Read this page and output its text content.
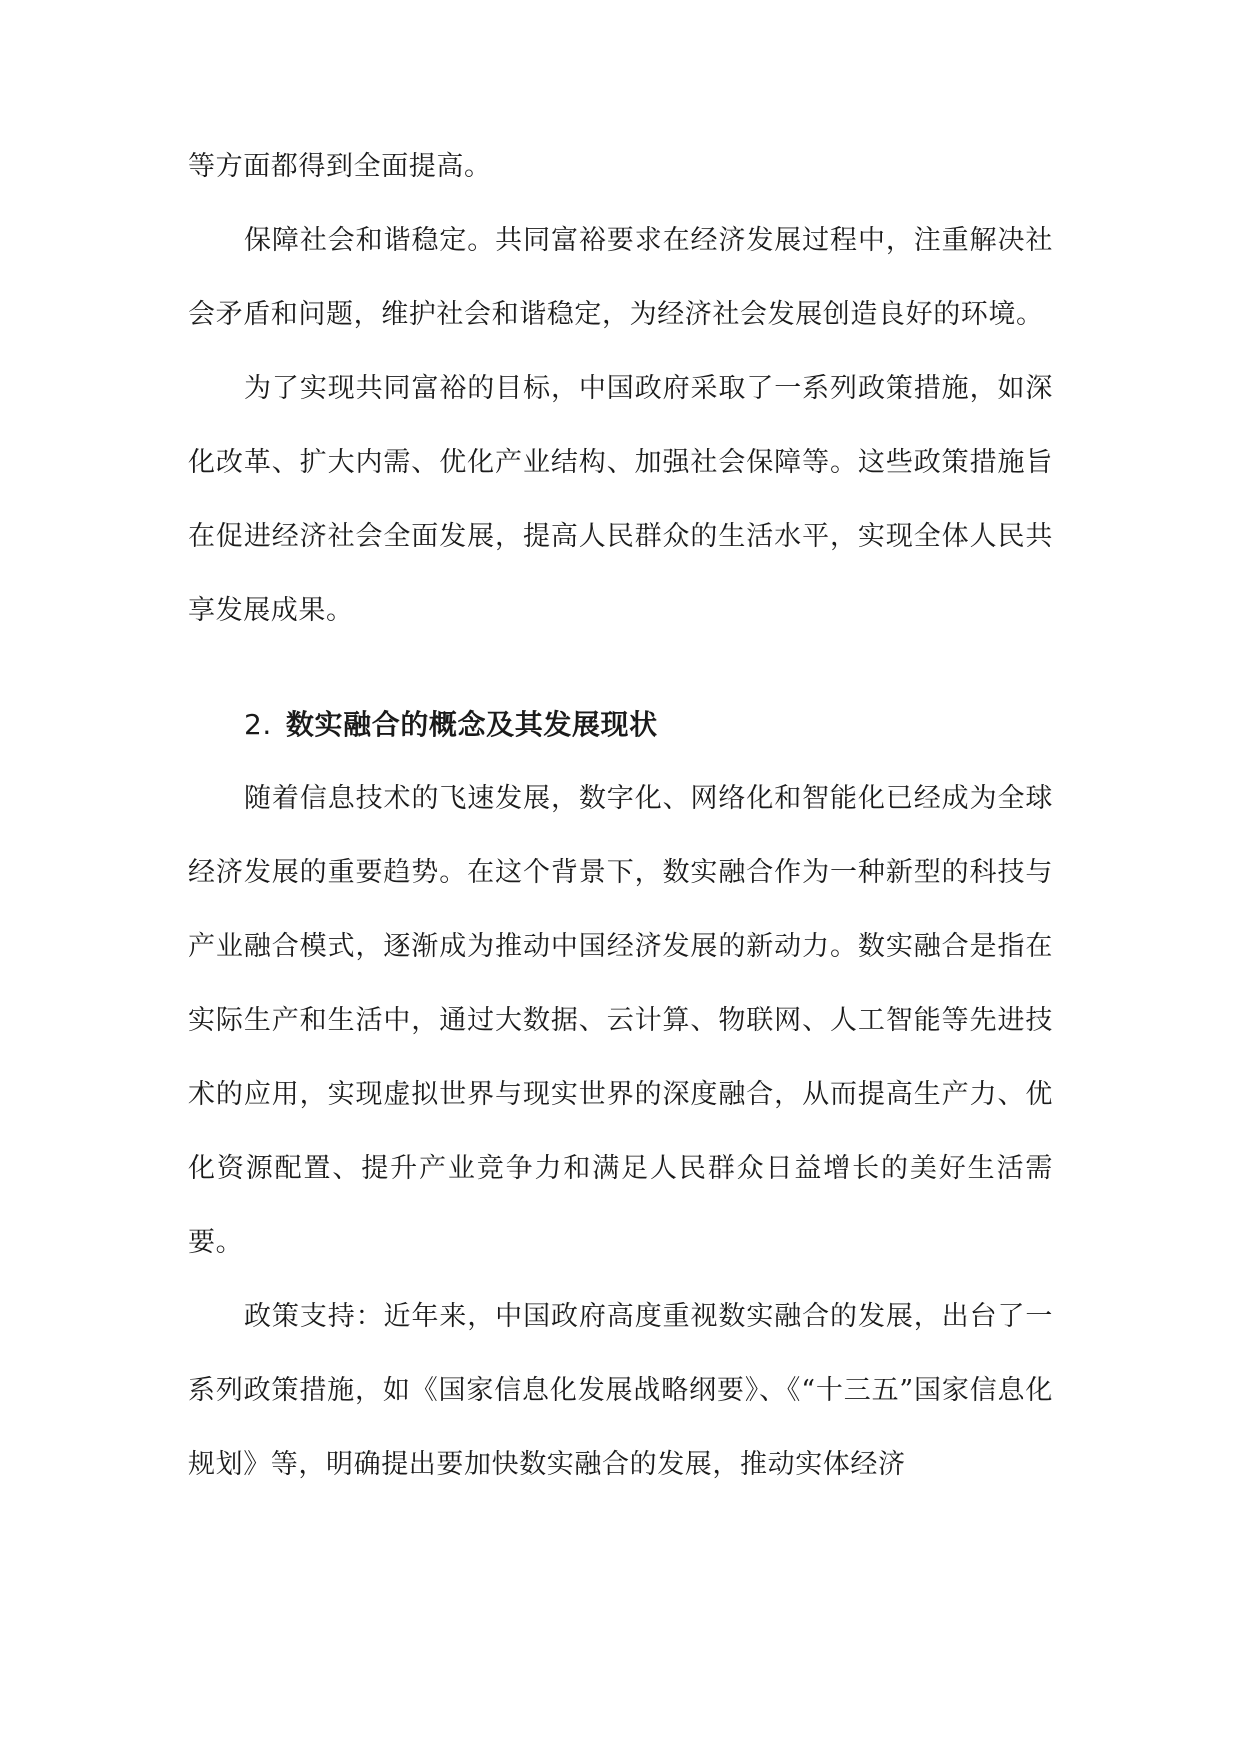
等方面都得到全面提高。

保障社会和谐稳定。共同富裕要求在经济发展过程中，注重解决社会矛盾和问题，维护社会和谐稳定，为经济社会发展创造良好的环境。

为了实现共同富裕的目标，中国政府采取了一系列政策措施，如深化改革、扩大内需、优化产业结构、加强社会保障等。这些政策措施旨在促进经济社会全面发展，提高人民群众的生活水平，实现全体人民共享发展成果。

2. 数实融合的概念及其发展现状

随着信息技术的飞速发展，数字化、网络化和智能化已经成为全球经济发展的重要趋势。在这个背景下，数实融合作为一种新型的科技与产业融合模式，逐渐成为推动中国经济发展的新动力。数实融合是指在实际生产和生活中，通过大数据、云计算、物联网、人工智能等先进技术的应用，实现虚拟世界与现实世界的深度融合，从而提高生产力、优化资源配置、提升产业竞争力和满足人民群众日益增长的美好生活需要。

政策支持：近年来，中国政府高度重视数实融合的发展，出台了一系列政策措施，如《国家信息化发展战略纲要》、《“十三五”国家信息化规划》等，明确提出要加快数实融合的发展，推动实体经济
